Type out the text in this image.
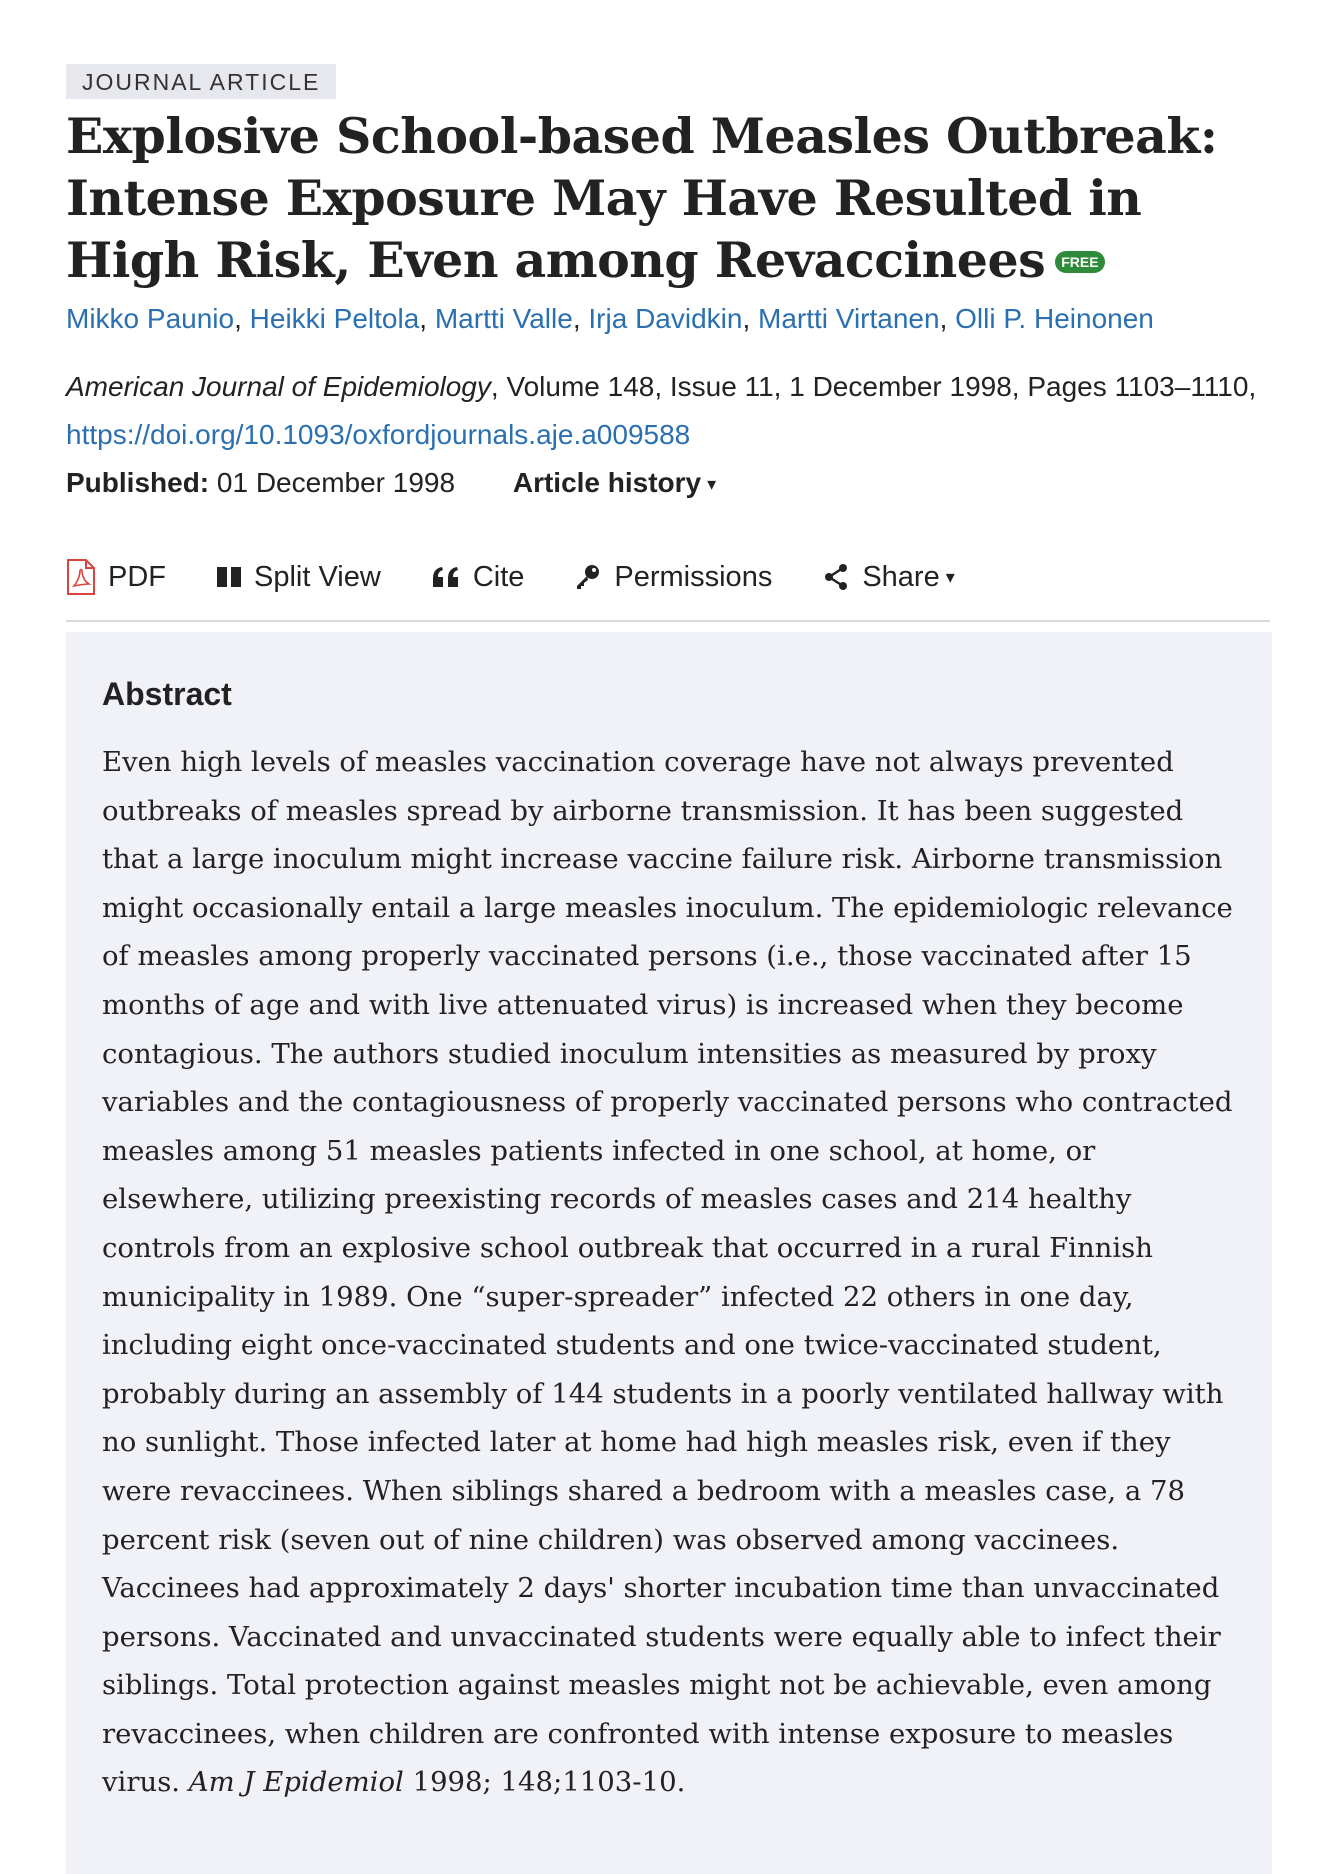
JOURNAL ARTICLE
Explosive School-based Measles Outbreak: Intense Exposure May Have Resulted in High Risk, Even among Revaccinees FREE
Mikko Paunio, Heikki Peltola, Martti Valle, Irja Davidkin, Martti Virtanen, Olli P. Heinonen
American Journal of Epidemiology, Volume 148, Issue 11, 1 December 1998, Pages 1103–1110, https://doi.org/10.1093/oxfordjournals.aje.a009588
Published: 01 December 1998 Article history ▾
PDF	Split View	Cite	Permissions	Share ▾
Abstract

Even high levels of measles vaccination coverage have not always prevented outbreaks of measles spread by airborne transmission. It has been suggested that a large inoculum might increase vaccine failure risk. Airborne transmission might occasionally entail a large measles inoculum. The epidemiologic relevance of measles among properly vaccinated persons (i.e., those vaccinated after 15 months of age and with live attenuated virus) is increased when they become contagious. The authors studied inoculum intensities as measured by proxy variables and the contagiousness of properly vaccinated persons who contracted measles among 51 measles patients infected in one school, at home, or elsewhere, utilizing preexisting records of measles cases and 214 healthy controls from an explosive school outbreak that occurred in a rural Finnish municipality in 1989. One “super-spreader” infected 22 others in one day, including eight once-vaccinated students and one twice-vaccinated student, probably during an assembly of 144 students in a poorly ventilated hallway with no sunlight. Those infected later at home had high measles risk, even if they were revaccinees. When siblings shared a bedroom with a measles case, a 78 percent risk (seven out of nine children) was observed among vaccinees. Vaccinees had approximately 2 days' shorter incubation time than unvaccinated persons. Vaccinated and unvaccinated students were equally able to infect their siblings. Total protection against measles might not be achievable, even among revaccinees, when children are confronted with intense exposure to measles virus. Am J Epidemiol 1998; 148;1103-10.
